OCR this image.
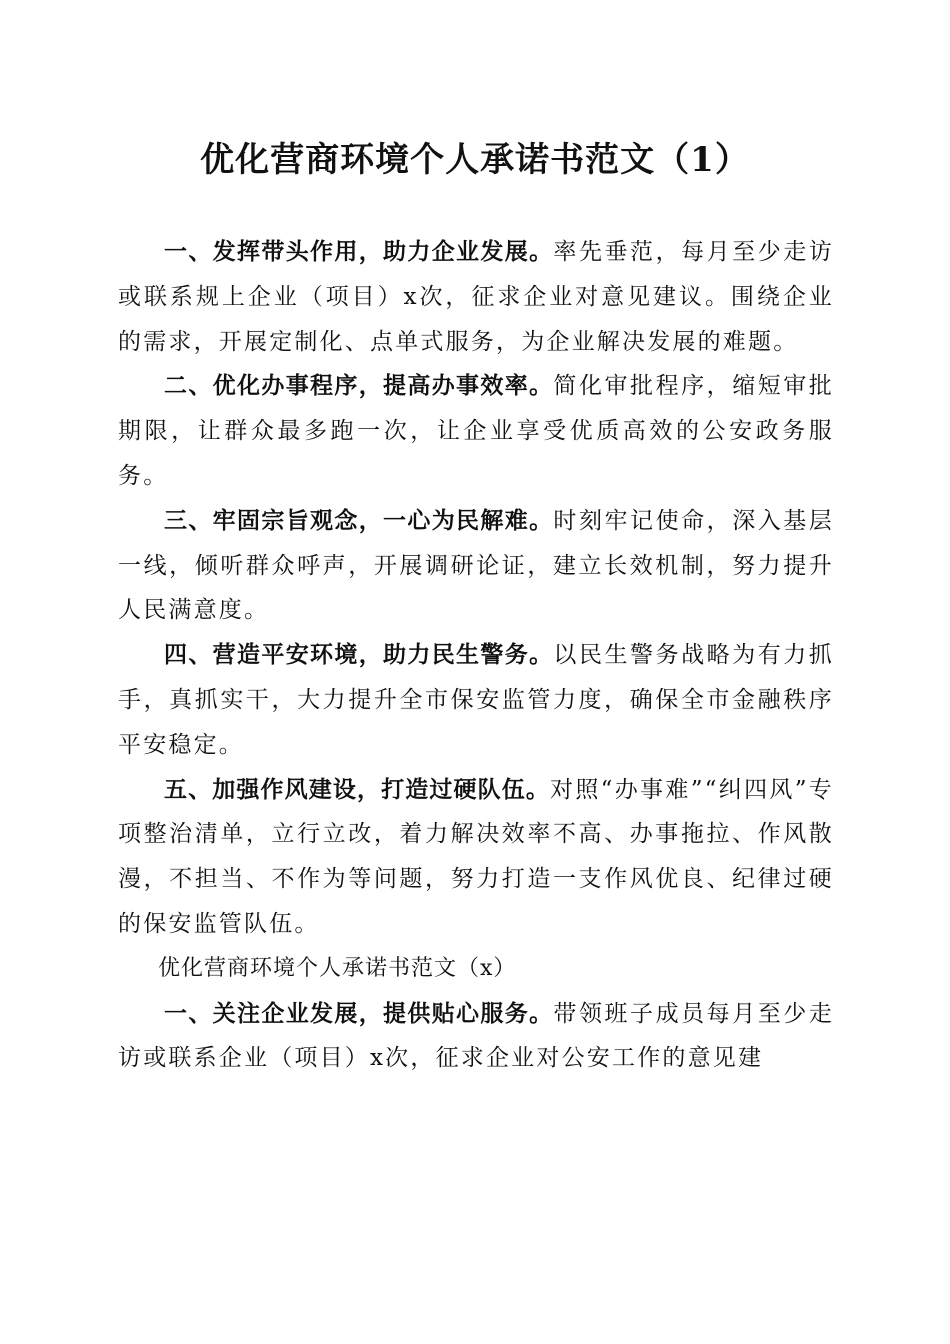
优化营商环境个人承诺书范文（1）

一、发挥带头作用，助力企业发展。率先垂范，每月至少走访或联系规上企业（项目）x次，征求企业对意见建议。围绕企业的需求，开展定制化、点单式服务，为企业解决发展的难题。

二、优化办事程序，提高办事效率。简化审批程序，缩短审批期限，让群众最多跑一次，让企业享受优质高效的公安政务服务。

三、牢固宗旨观念，一心为民解难。时刻牢记使命，深入基层一线，倾听群众呼声，开展调研论证，建立长效机制，努力提升人民满意度。

四、营造平安环境，助力民生警务。以民生警务战略为有力抓手，真抓实干，大力提升全市保安监管力度，确保全市金融秩序平安稳定。

五、加强作风建设，打造过硬队伍。对照“办事难”“纠四风”专项整治清单，立行立改，着力解决效率不高、办事拖拉、作风散漫，不担当、不作为等问题，努力打造一支作风优良、纪律过硬的保安监管队伍。

优化营商环境个人承诺书范文（x）

一、关注企业发展，提供贴心服务。带领班子成员每月至少走访或联系企业（项目）x次，征求企业对公安工作的意见建
